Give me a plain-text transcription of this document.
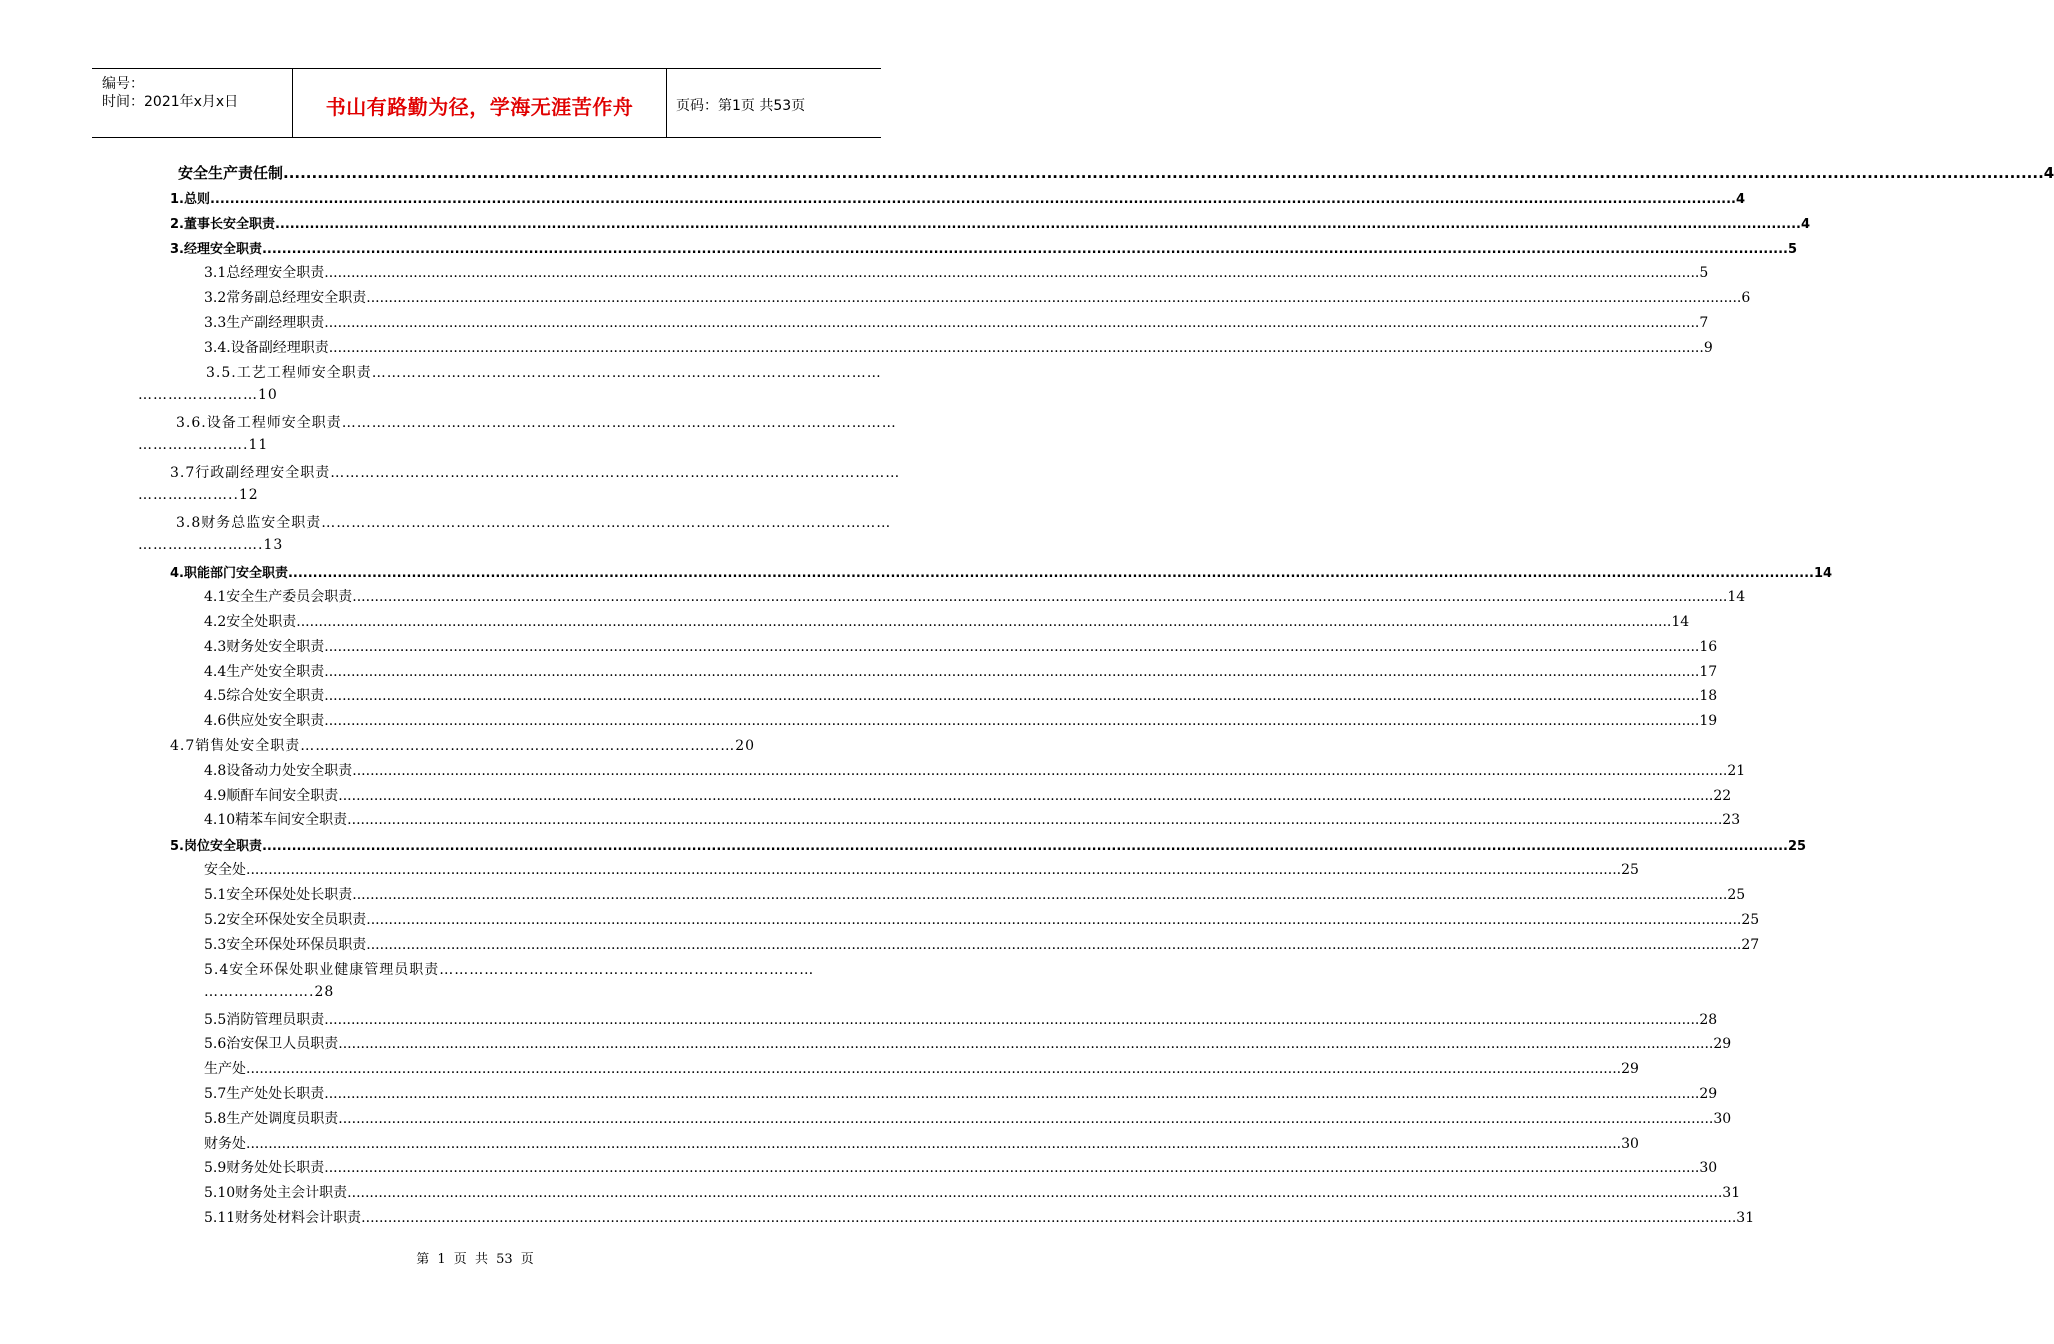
编号：
时间：2021年x月x日	书山有路勤为径，学海无涯苦作舟	页码：第1页 共53页
安全生产责任制 .....	4
1.总则 .....	4
2.董事长安全职责 .....	4
3.经理安全职责 .....	5
3.1总经理安全职责 .....	5
3.2常务副总经理安全职责 .....	6
3.3生产副经理职责 .....	7
3.4.设备副经理职责 .....	9
3.5.工艺工程师安全职责…………………………………………………………………………………………
……………………10
3.6.设备工程师安全职责…………………………………………………………………………………………………
………………….11
3.7行政副经理安全职责……………………………………………………………………………………………………
………………..12
3.8财务总监安全职责……………………………………………………………………………………………………
…………………….13
4.职能部门安全职责 .....	14
4.1安全生产委员会职责 .....	14
4.2安全处职责 .....	14
4.3财务处安全职责 .....	16
4.4生产处安全职责 .....	17
4.5综合处安全职责 .....	18
4.6供应处安全职责 .....	19
4.7销售处安全职责……………………………………………………………………………20
4.8设备动力处安全职责 .....	21
4.9顺酐车间安全职责 .....	22
4.10精苯车间安全职责 .....	23
5.岗位安全职责 .....	25
安全处 .....	25
5.1安全环保处处长职责 .....	25
5.2安全环保处安全员职责 .....	25
5.3安全环保处环保员职责 .....	27
5.4安全环保处职业健康管理员职责…………………………………………………………………
………………….28
5.5消防管理员职责 .....	28
5.6治安保卫人员职责 .....	29
生产处 .....	29
5.7生产处处长职责 .....	29
5.8生产处调度员职责 .....	30
财务处 .....	30
5.9财务处处长职责 .....	30
5.10财务处主会计职责 .....	31
5.11财务处材料会计职责 .....	31
第 1 页 共 53 页
